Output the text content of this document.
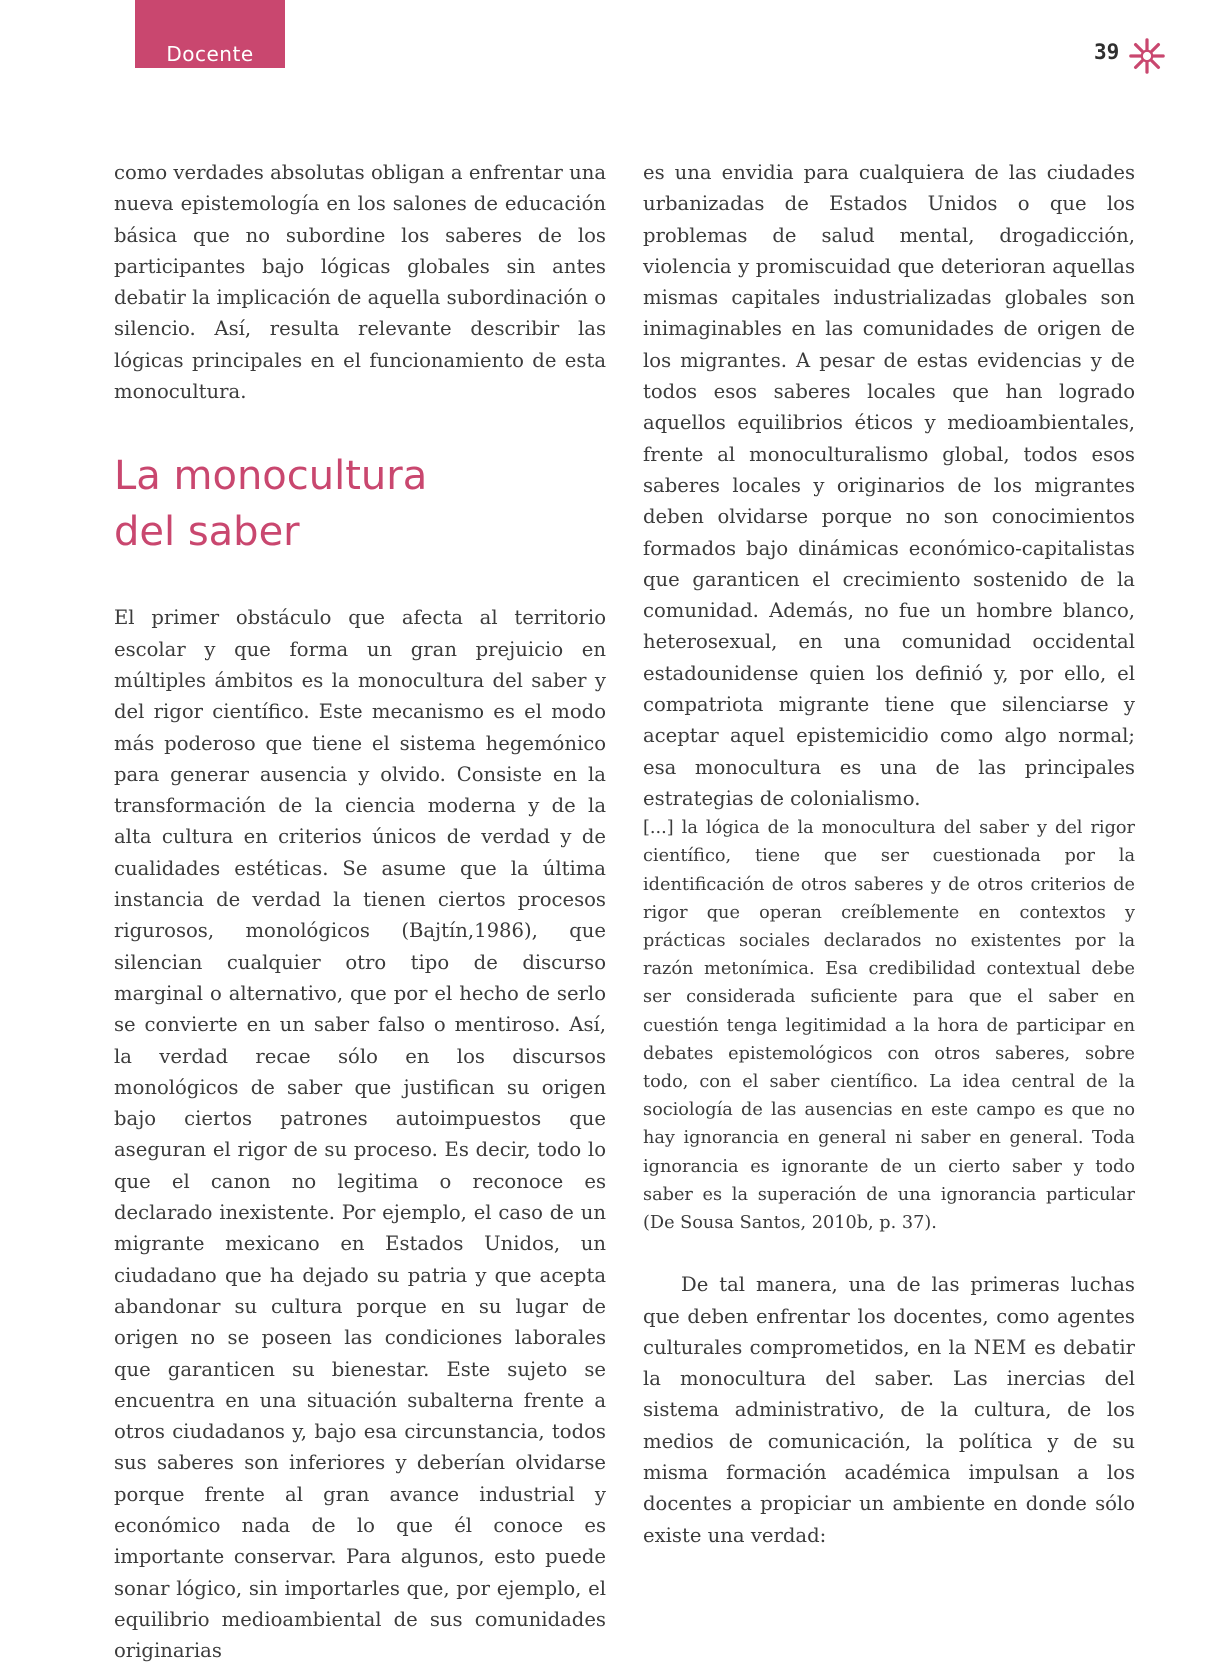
Docente	39

como verdades absolutas obligan a enfrentar una nueva epistemología en los salones de educación básica que no subordine los saberes de los participantes bajo lógicas globales sin antes debatir la implicación de aquella subordinación o silencio. Así, resulta relevante describir las lógicas principales en el funcionamiento de esta monocultura.

La monocultura
del saber

El primer obstáculo que afecta al territorio escolar y que forma un gran prejuicio en múltiples ámbitos es la monocultura del saber y del rigor científico. Este mecanismo es el modo más poderoso que tiene el sistema hegemónico para generar ausencia y olvido. Consiste en la transformación de la ciencia moderna y de la alta cultura en criterios únicos de verdad y de cualidades estéticas. Se asume que la última instancia de verdad la tienen ciertos procesos rigurosos, monológicos (Bajtín,1986), que silencian cualquier otro tipo de discurso marginal o alternativo, que por el hecho de serlo se convierte en un saber falso o mentiroso. Así, la verdad recae sólo en los discursos monológicos de saber que justifican su origen bajo ciertos patrones autoimpuestos que aseguran el rigor de su proceso. Es decir, todo lo que el canon no legitima o reconoce es declarado inexistente. Por ejemplo, el caso de un migrante mexicano en Estados Unidos, un ciudadano que ha dejado su patria y que acepta abandonar su cultura porque en su lugar de origen no se poseen las condiciones laborales que garanticen su bienestar. Este sujeto se encuentra en una situación subalterna frente a otros ciudadanos y, bajo esa circunstancia, todos sus saberes son inferiores y deberían olvidarse porque frente al gran avance industrial y económico nada de lo que él conoce es importante conservar. Para algunos, esto puede sonar lógico, sin importarles que, por ejemplo, el equilibrio medioambiental de sus comunidades originarias

es una envidia para cualquiera de las ciudades urbanizadas de Estados Unidos o que los problemas de salud mental, drogadicción, violencia y promiscuidad que deterioran aquellas mismas capitales industrializadas globales son inimaginables en las comunidades de origen de los migrantes. A pesar de estas evidencias y de todos esos saberes locales que han logrado aquellos equilibrios éticos y medioambientales, frente al monoculturalismo global, todos esos saberes locales y originarios de los migrantes deben olvidarse porque no son conocimientos formados bajo dinámicas económico-capitalistas que garanticen el crecimiento sostenido de la comunidad. Además, no fue un hombre blanco, heterosexual, en una comunidad occidental estadounidense quien los definió y, por ello, el compatriota migrante tiene que silenciarse y aceptar aquel epistemicidio como algo normal; esa monocultura es una de las principales estrategias de colonialismo.

[...] la lógica de la monocultura del saber y del rigor científico, tiene que ser cuestionada por la identificación de otros saberes y de otros criterios de rigor que operan creíblemente en contextos y prácticas sociales declarados no existentes por la razón metonímica. Esa credibilidad contextual debe ser considerada suficiente para que el saber en cuestión tenga legitimidad a la hora de participar en debates epistemológicos con otros saberes, sobre todo, con el saber científico. La idea central de la sociología de las ausencias en este campo es que no hay ignorancia en general ni saber en general. Toda ignorancia es ignorante de un cierto saber y todo saber es la superación de una ignorancia particular (De Sousa Santos, 2010b, p. 37).

De tal manera, una de las primeras luchas que deben enfrentar los docentes, como agentes culturales comprometidos, en la NEM es debatir la monocultura del saber. Las inercias del sistema administrativo, de la cultura, de los medios de comunicación, la política y de su misma formación académica impulsan a los docentes a propiciar un ambiente en donde sólo existe una verdad:
